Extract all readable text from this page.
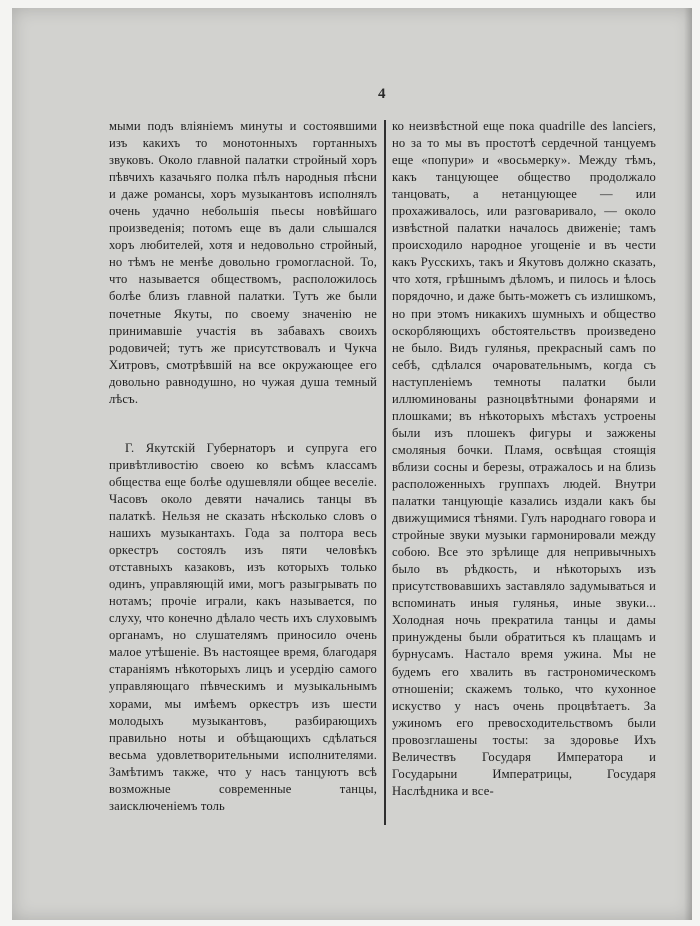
4

мыми подъ вліяніемъ минуты и состоявшими изъ какихъ то монотонныхъ гортанныхъ звуковъ. Около главной палатки стройный хоръ пѣвчихъ казачьяго полка пѣлъ народныя пѣсни и даже романсы, хоръ музыкантовъ исполнялъ очень удачно небольшія пьесы новѣйшаго произведенія; потомъ еще въ дали слышался хоръ любителей, хотя и недовольно стройный, но тѣмъ не менѣе довольно громогласной. То, что называется обществомъ, расположилось болѣе близъ главной палатки. Тутъ же были почетные Якуты, по своему значенію не принимавшіе участія въ забавахъ своихъ родовичей; тутъ же присутствовалъ и Чукча Хитровъ, смотрѣвшій на все окружающее его довольно равнодушно, но чужая душа темный лѣсъ.

Г. Якутскій Губернаторъ и супруга его привѣтливостію своею ко всѣмъ классамъ общества еще болѣе одушевляли общее веселіе. Часовъ около девяти начались танцы въ палаткѣ. Нельзя не сказать нѣсколько словъ о нашихъ музыкантахъ. Года за полтора весь оркестръ состоялъ изъ пяти человѣкъ отставныхъ казаковъ, изъ которыхъ только одинъ, управляющій ими, могъ разыгрывать по нотамъ; прочіе играли, какъ называется, по слуху, что конечно дѣлало честь ихъ слуховымъ органамъ, но слушателямъ приносило очень малое утѣшеніе. Въ настоящее время, благодаря стараніямъ нѣкоторыхъ лицъ и усердію самого управляющаго пѣвческимъ и музыкальнымъ хорами, мы имѣемъ оркестръ изъ шести молодыхъ музыкантовъ, разбирающихъ правильно ноты и обѣщающихъ сдѣлаться весьма удовлетворительными исполнителями. Замѣтимъ также, что у насъ танцуютъ всѣ возможные современные танцы, заисключеніемъ толь

ко неизвѣстной еще пока quadrille des lanciers, но за то мы въ простотѣ сердечной танцуемъ еще «попури» и «восьмерку». Между тѣмъ, какъ танцующее общество продолжало танцовать, а нетанцующее — или прохаживалось, или разговаривало, — около извѣстной палатки началось движеніе; тамъ происходило народное угощеніе и въ чести какъ Русскихъ, такъ и Якутовъ должно сказать, что хотя, грѣшнымъ дѣломъ, и пилось и ѣлось порядочно, и даже быть-можетъ съ излишкомъ, но при этомъ никакихъ шумныхъ и общество оскорбляющихъ обстоятельствъ произведено не было. Видъ гулянья, прекрасный самъ по себѣ, сдѣлался очаровательнымъ, когда съ наступленіемъ темноты палатки были иллюминованы разноцвѣтными фонарями и плошками; въ нѣкоторыхъ мѣстахъ устроены были изъ плошекъ фигуры и зажжены смоляныя бочки. Пламя, освѣщая стоящія вблизи сосны и березы, отражалось и на близь расположенныхъ группахъ людей. Внутри палатки танцующіе казались издали какъ бы движущимися тѣнями. Гулъ народнаго говора и стройные звуки музыки гармонировали между собою. Все это зрѣлище для непривычныхъ было въ рѣдкость, и нѣкоторыхъ изъ присутствовавшихъ заставляло задумываться и вспоминать иныя гулянья, иные звуки... Холодная ночь прекратила танцы и дамы принуждены были обратиться къ плащамъ и бурнусамъ. Настало время ужина. Мы не будемъ его хвалить въ гастрономическомъ отношеніи; скажемъ только, что кухонное искуство у насъ очень процвѣтаетъ. За ужиномъ его превосходительствомъ были провозглашены тосты: за здоровье Ихъ Величествъ Государя Императора и Государыни Императрицы, Государя Наслѣдника и все-
